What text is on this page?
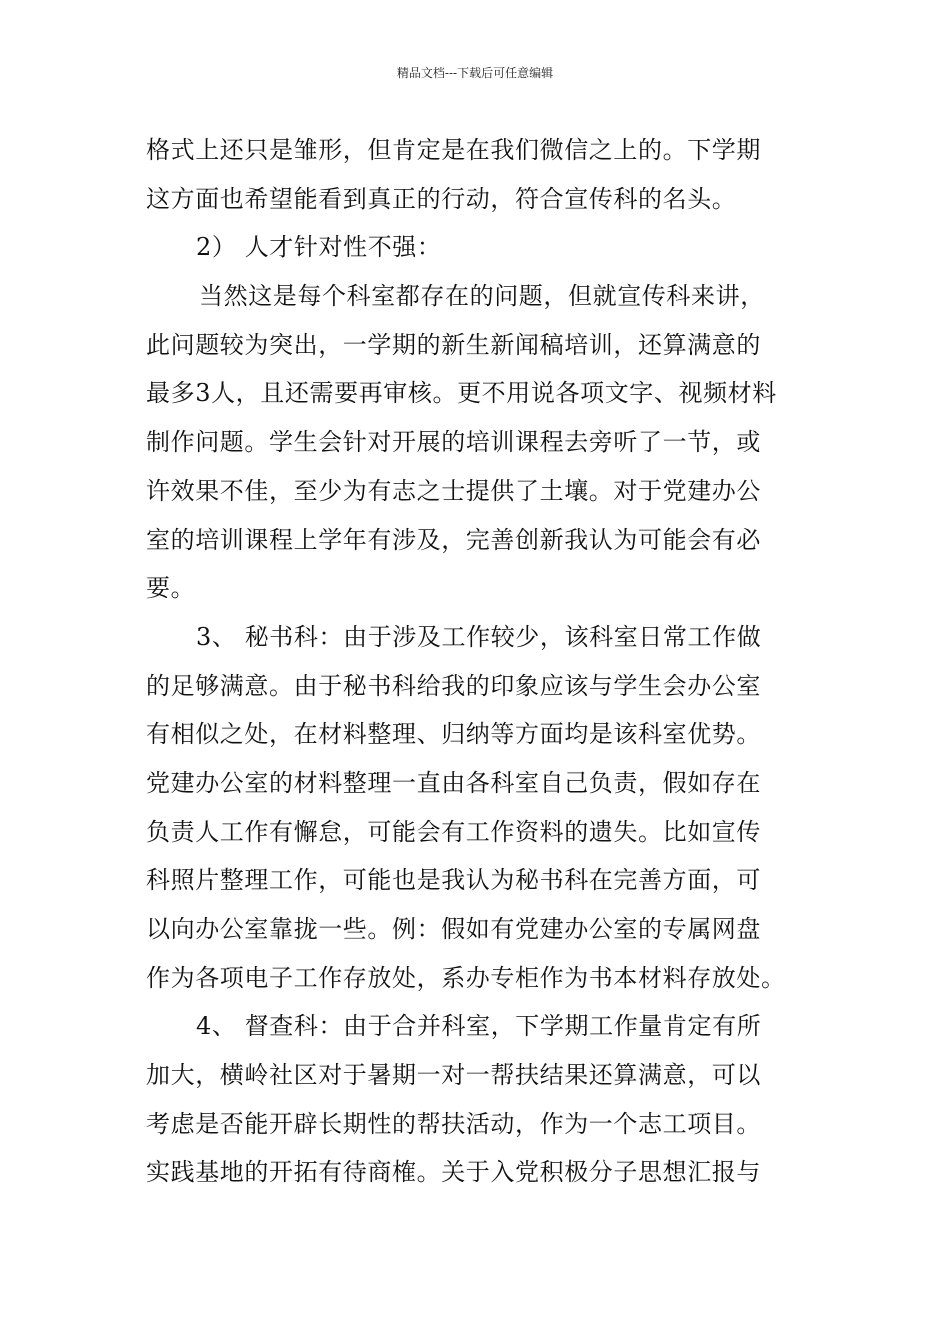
精品文档---下载后可任意编辑
格式上还只是雏形，但肯定是在我们微信之上的。下学期
这方面也希望能看到真正的行动，符合宣传科的名头。
2） 人才针对性不强：
当然这是每个科室都存在的问题，但就宣传科来讲，
此问题较为突出，一学期的新生新闻稿培训，还算满意的
最多3人，且还需要再审核。更不用说各项文字、视频材料
制作问题。学生会针对开展的培训课程去旁听了一节，或
许效果不佳，至少为有志之士提供了土壤。对于党建办公
室的培训课程上学年有涉及，完善创新我认为可能会有必
要。
3、 秘书科：由于涉及工作较少，该科室日常工作做
的足够满意。由于秘书科给我的印象应该与学生会办公室
有相似之处，在材料整理、归纳等方面均是该科室优势。
党建办公室的材料整理一直由各科室自己负责，假如存在
负责人工作有懈怠，可能会有工作资料的遗失。比如宣传
科照片整理工作，可能也是我认为秘书科在完善方面，可
以向办公室靠拢一些。例：假如有党建办公室的专属网盘
作为各项电子工作存放处，系办专柜作为书本材料存放处。
4、 督查科：由于合并科室，下学期工作量肯定有所
加大，横岭社区对于暑期一对一帮扶结果还算满意，可以
考虑是否能开辟长期性的帮扶活动，作为一个志工项目。
实践基地的开拓有待商榷。关于入党积极分子思想汇报与
